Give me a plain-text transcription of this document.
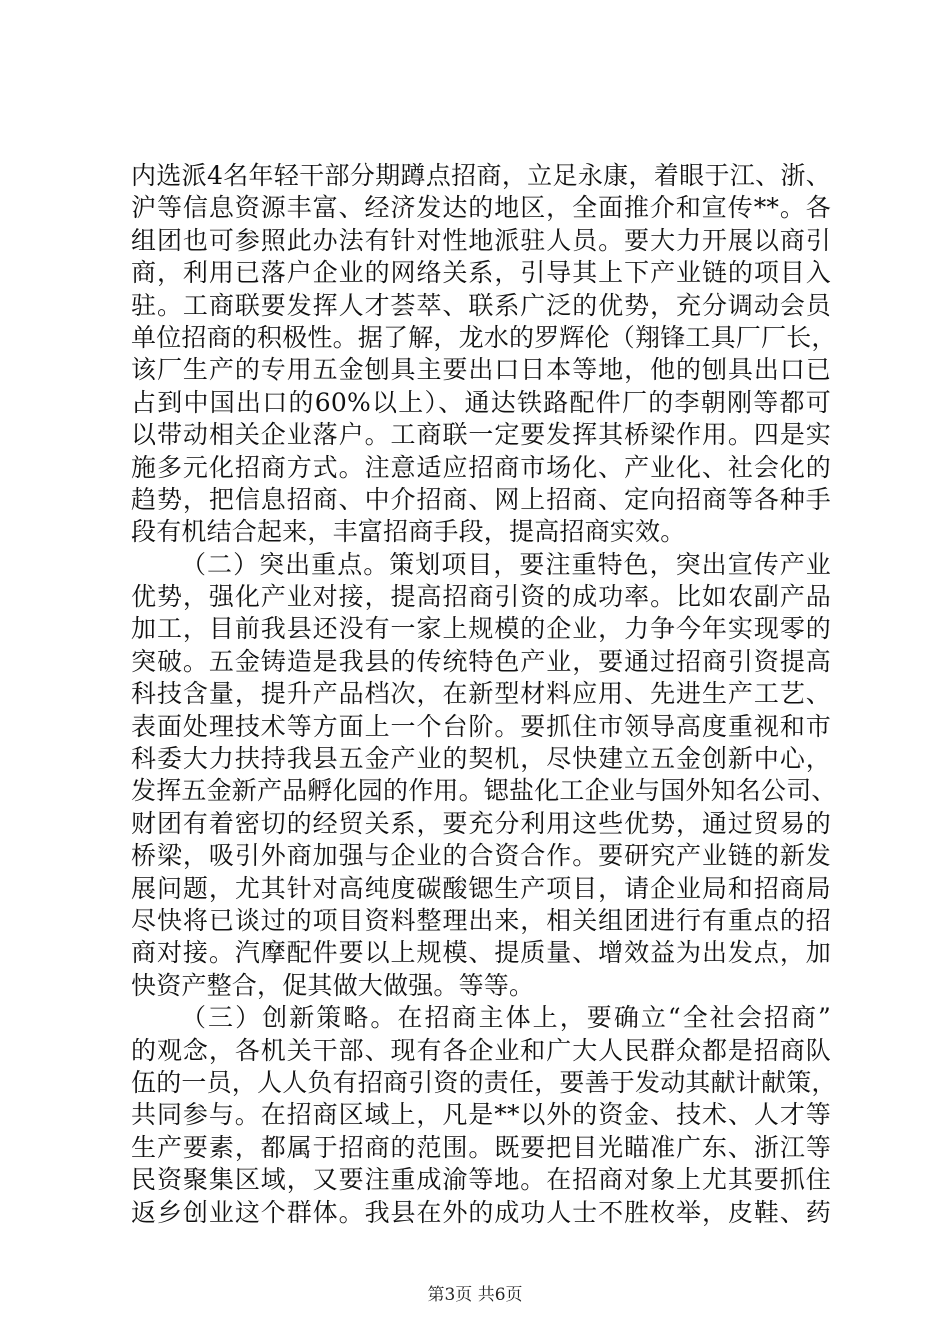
内选派4名年轻干部分期蹲点招商，立足永康，着眼于江、浙、
沪等信息资源丰富、经济发达的地区，全面推介和宣传**。各
组团也可参照此办法有针对性地派驻人员。要大力开展以商引
商，利用已落户企业的网络关系，引导其上下产业链的项目入
驻。工商联要发挥人才荟萃、联系广泛的优势，充分调动会员
单位招商的积极性。据了解，龙水的罗辉伦（翔锋工具厂厂长，
该厂生产的专用五金刨具主要出口日本等地，他的刨具出口已
占到中国出口的60%以上）、通达铁路配件厂的李朝刚等都可
以带动相关企业落户。工商联一定要发挥其桥梁作用。四是实
施多元化招商方式。注意适应招商市场化、产业化、社会化的
趋势，把信息招商、中介招商、网上招商、定向招商等各种手
段有机结合起来，丰富招商手段，提高招商实效。
（二）突出重点。策划项目，要注重特色，突出宣传产业
优势，强化产业对接，提高招商引资的成功率。比如农副产品
加工，目前我县还没有一家上规模的企业，力争今年实现零的
突破。五金铸造是我县的传统特色产业，要通过招商引资提高
科技含量，提升产品档次，在新型材料应用、先进生产工艺、
表面处理技术等方面上一个台阶。要抓住市领导高度重视和市
科委大力扶持我县五金产业的契机，尽快建立五金创新中心，
发挥五金新产品孵化园的作用。锶盐化工企业与国外知名公司、
财团有着密切的经贸关系，要充分利用这些优势，通过贸易的
桥梁，吸引外商加强与企业的合资合作。要研究产业链的新发
展问题，尤其针对高纯度碳酸锶生产项目，请企业局和招商局
尽快将已谈过的项目资料整理出来，相关组团进行有重点的招
商对接。汽摩配件要以上规模、提质量、增效益为出发点，加
快资产整合，促其做大做强。等等。
（三）创新策略。在招商主体上，要确立“全社会招商”
的观念，各机关干部、现有各企业和广大人民群众都是招商队
伍的一员，人人负有招商引资的责任，要善于发动其献计献策，
共同参与。在招商区域上，凡是**以外的资金、技术、人才等
生产要素，都属于招商的范围。既要把目光瞄准广东、浙江等
民资聚集区域，又要注重成渝等地。在招商对象上尤其要抓住
返乡创业这个群体。我县在外的成功人士不胜枚举，皮鞋、药
第3页 共6页
